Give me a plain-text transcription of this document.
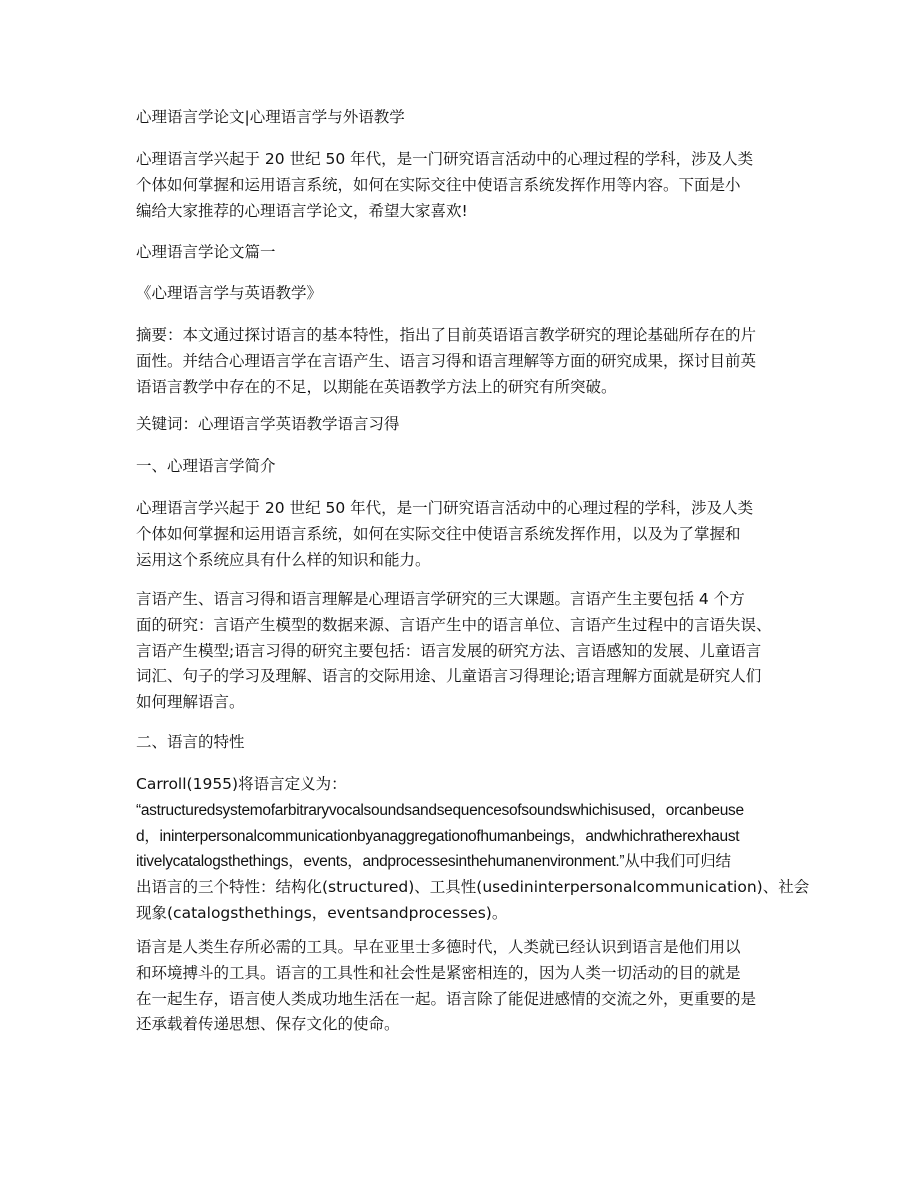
心理语言学论文|心理语言学与外语教学
心理语言学兴起于 20 世纪 50 年代，是一门研究语言活动中的心理过程的学科，涉及人类
个体如何掌握和运用语言系统，如何在实际交往中使语言系统发挥作用等内容。下面是小
编给大家推荐的心理语言学论文，希望大家喜欢!
心理语言学论文篇一
《心理语言学与英语教学》
摘要：本文通过探讨语言的基本特性，指出了目前英语语言教学研究的理论基础所存在的片
面性。并结合心理语言学在言语产生、语言习得和语言理解等方面的研究成果，探讨目前英
语语言教学中存在的不足，以期能在英语教学方法上的研究有所突破。
关键词：心理语言学英语教学语言习得
一、心理语言学简介
心理语言学兴起于 20 世纪 50 年代，是一门研究语言活动中的心理过程的学科，涉及人类
个体如何掌握和运用语言系统，如何在实际交往中使语言系统发挥作用，以及为了掌握和
运用这个系统应具有什么样的知识和能力。
言语产生、语言习得和语言理解是心理语言学研究的三大课题。言语产生主要包括 4 个方
面的研究：言语产生模型的数据来源、言语产生中的语言单位、言语产生过程中的言语失误、
言语产生模型;语言习得的研究主要包括：语言发展的研究方法、言语感知的发展、儿童语言
词汇、句子的学习及理解、语言的交际用途、儿童语言习得理论;语言理解方面就是研究人们
如何理解语言。
二、语言的特性
Carroll(1955)将语言定义为：
“astructuredsystemofarbitraryvocalsoundsandsequencesofsoundswhichisused，orcanbeuse
d，ininterpersonalcommunicationbyanaggregationofhumanbeings，andwhichratherexhaust
itivelycatalogsthethings，events，andprocessesinthehumanenvironment.”从中我们可归结
出语言的三个特性：结构化(structured)、工具性(usedininterpersonalcommunication)、社会
现象(catalogsthethings，eventsandprocesses)。
语言是人类生存所必需的工具。早在亚里士多德时代，人类就已经认识到语言是他们用以
和环境搏斗的工具。语言的工具性和社会性是紧密相连的，因为人类一切活动的目的就是
在一起生存，语言使人类成功地生活在一起。语言除了能促进感情的交流之外，更重要的是
还承载着传递思想、保存文化的使命。
